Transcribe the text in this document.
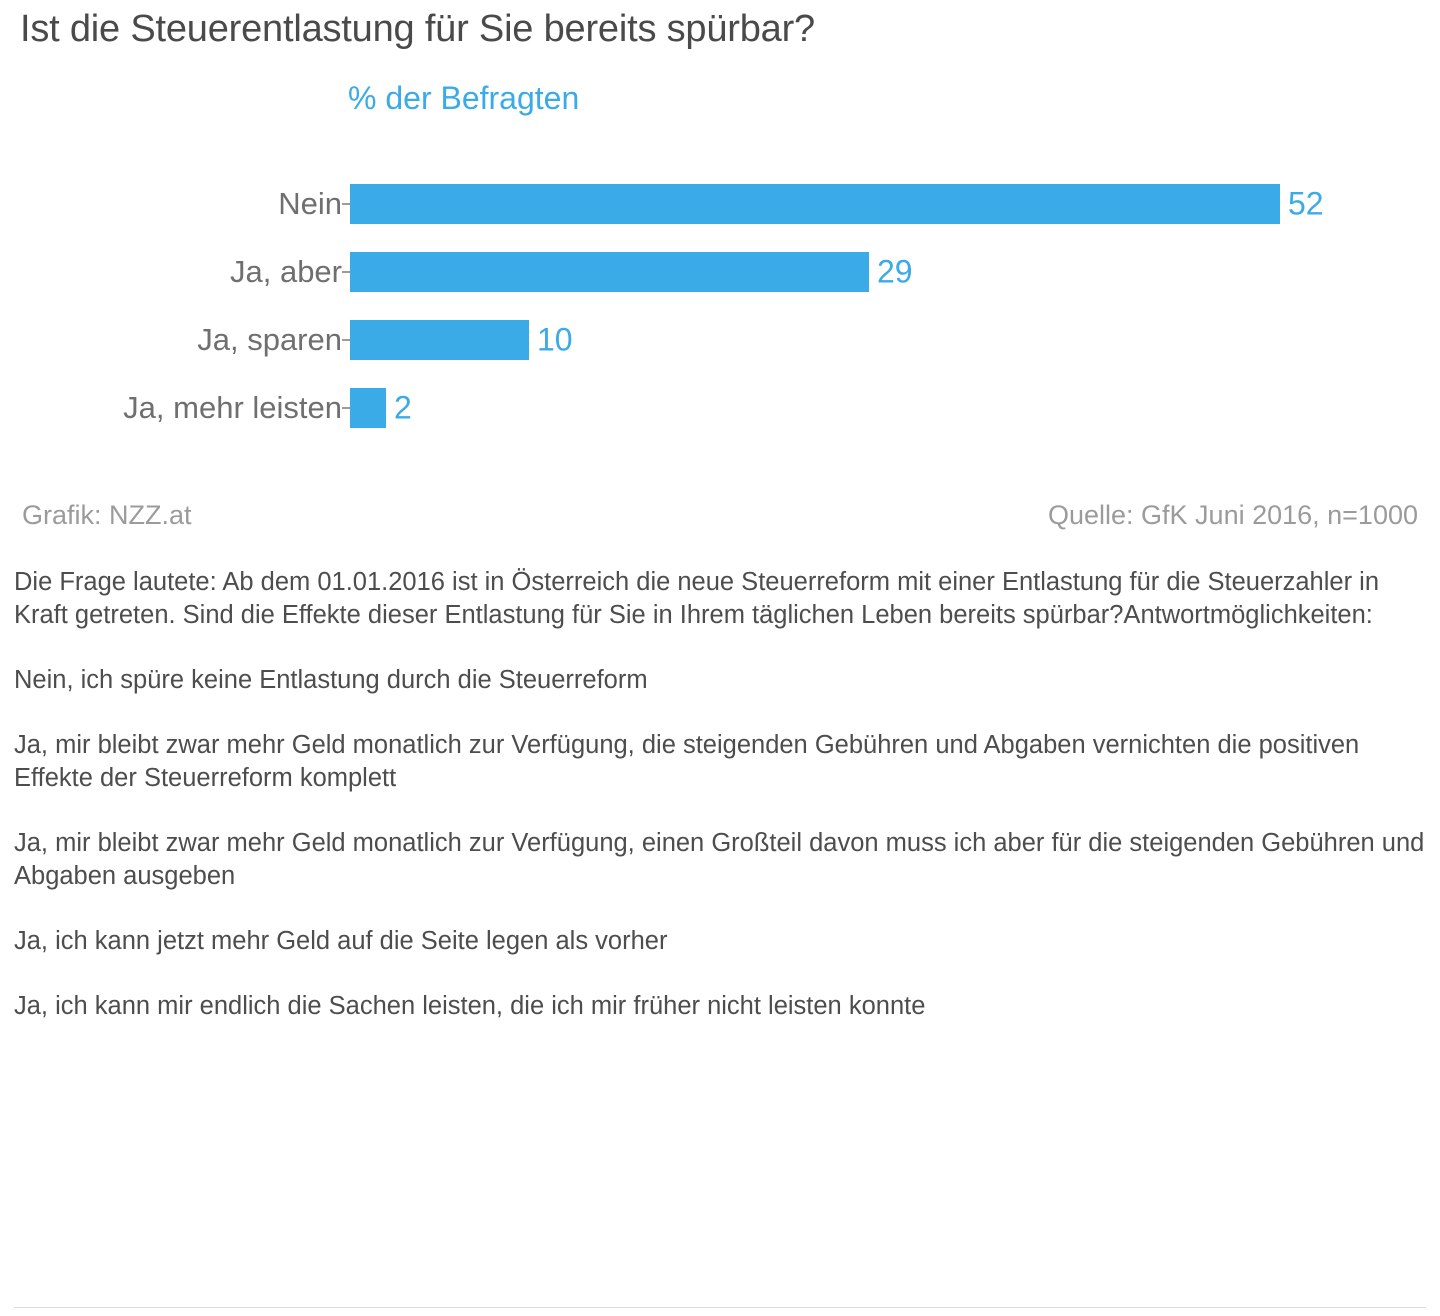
Ist die Steuerentlastung für Sie bereits spürbar?
% der Befragten
Nein	52
Ja, aber	29
Ja, sparen	10
Ja, mehr leisten 2
Grafik: NZZ.at	Quelle: GfK Juni 2016, n=1000

Die Frage lautete: Ab dem 01.01.2016 ist in Österreich die neue Steuerreform mit einer Entlastung für die Steuerzahler in Kraft getreten. Sind die Effekte dieser Entlastung für Sie in Ihrem täglichen Leben bereits spürbar?Antwortmöglichkeiten:

Nein, ich spüre keine Entlastung durch die Steuerreform

Ja, mir bleibt zwar mehr Geld monatlich zur Verfügung, die steigenden Gebühren und Abgaben vernichten die positiven Effekte der Steuerreform komplett

Ja, mir bleibt zwar mehr Geld monatlich zur Verfügung, einen Großteil davon muss ich aber für die steigenden Gebühren und Abgaben ausgeben

Ja, ich kann jetzt mehr Geld auf die Seite legen als vorher

Ja, ich kann mir endlich die Sachen leisten, die ich mir früher nicht leisten konnte
